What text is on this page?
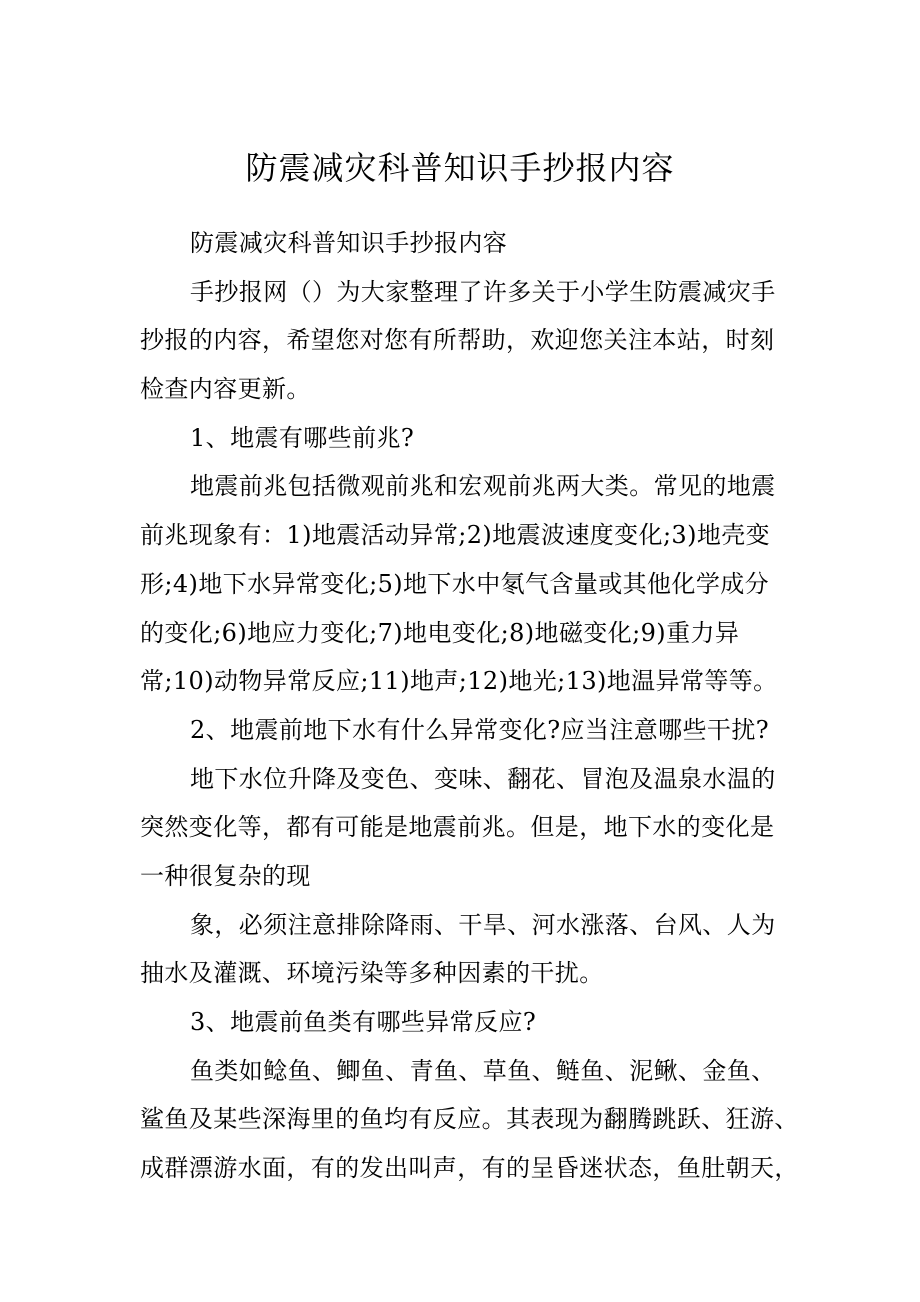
防震减灾科普知识手抄报内容
防震减灾科普知识手抄报内容
手抄报网（）为大家整理了许多关于小学生防震减灾手
抄报的内容，希望您对您有所帮助，欢迎您关注本站，时刻
检查内容更新。
1、地震有哪些前兆?
地震前兆包括微观前兆和宏观前兆两大类。常见的地震
前兆现象有：1)地震活动异常;2)地震波速度变化;3)地壳变
形;4)地下水异常变化;5)地下水中氡气含量或其他化学成分
的变化;6)地应力变化;7)地电变化;8)地磁变化;9)重力异
常;10)动物异常反应;11)地声;12)地光;13)地温异常等等。
2、地震前地下水有什么异常变化?应当注意哪些干扰?
地下水位升降及变色、变味、翻花、冒泡及温泉水温的
突然变化等，都有可能是地震前兆。但是，地下水的变化是
一种很复杂的现
象，必须注意排除降雨、干旱、河水涨落、台风、人为
抽水及灌溉、环境污染等多种因素的干扰。
3、地震前鱼类有哪些异常反应?
鱼类如鲶鱼、鲫鱼、青鱼、草鱼、鲢鱼、泥鳅、金鱼、
鲨鱼及某些深海里的鱼均有反应。其表现为翻腾跳跃、狂游、
成群漂游水面，有的发出叫声，有的呈昏迷状态，鱼肚朝天，
